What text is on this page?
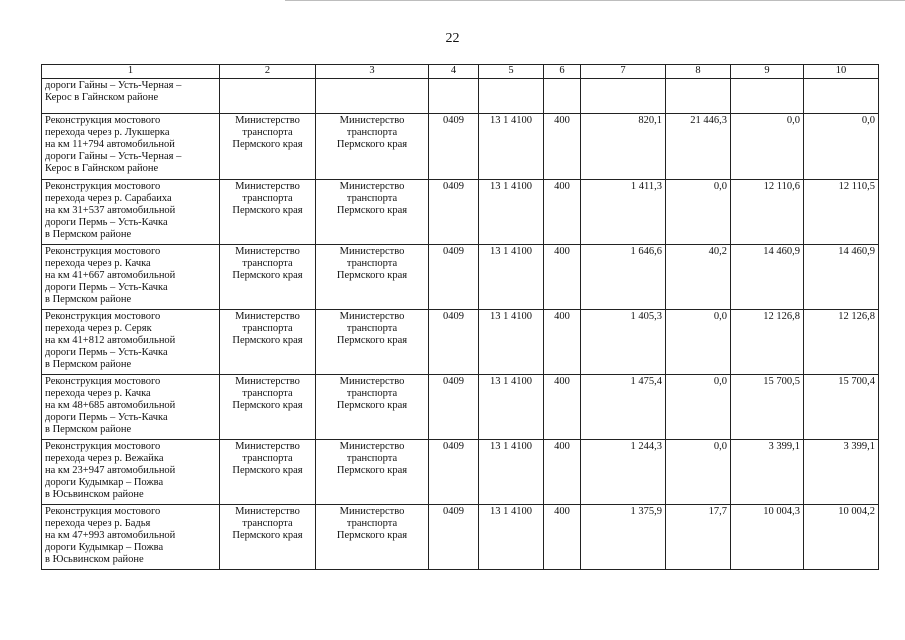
22
1	2	3	4	5	6	7	8	9	10

дороги Гайны – Усть-Черная –
Керос в Гайнском районе									

Реконструкция мостового
перехода через р. Лукшерка
на км 11+794 автомобильной
дороги Гайны – Усть-Черная –
Керос в Гайнском районе	Министерство
транспорта
Пермского края	Министерство
транспорта
Пермского края	0409	13 1 4100	400	820,1	21 446,3	0,0	0,0

Реконструкция мостового
перехода через р. Сарабаиха
на км 31+537 автомобильной
дороги Пермь – Усть-Качка
в Пермском районе	Министерство
транспорта
Пермского края	Министерство
транспорта
Пермского края	0409	13 1 4100	400	1 411,3	0,0	12 110,6	12 110,5

Реконструкция мостового
перехода через р. Качка
на км 41+667 автомобильной
дороги Пермь – Усть-Качка
в Пермском районе	Министерство
транспорта
Пермского края	Министерство
транспорта
Пермского края	0409	13 1 4100	400	1 646,6	40,2	14 460,9	14 460,9

Реконструкция мостового
перехода через р. Серяк
на км 41+812 автомобильной
дороги Пермь – Усть-Качка
в Пермском районе	Министерство
транспорта
Пермского края	Министерство
транспорта
Пермского края	0409	13 1 4100	400	1 405,3	0,0	12 126,8	12 126,8

Реконструкция мостового
перехода через р. Качка
на км 48+685 автомобильной
дороги Пермь – Усть-Качка
в Пермском районе	Министерство
транспорта
Пермского края	Министерство
транспорта
Пермского края	0409	13 1 4100	400	1 475,4	0,0	15 700,5	15 700,4

Реконструкция мостового
перехода через р. Вежайка
на км 23+947 автомобильной
дороги Кудымкар – Пожва
в Юсьвинском районе	Министерство
транспорта
Пермского края	Министерство
транспорта
Пермского края	0409	13 1 4100	400	1 244,3	0,0	3 399,1	3 399,1

Реконструкция мостового
перехода через р. Бадья
на км 47+993 автомобильной
дороги Кудымкар – Пожва
в Юсьвинском районе	Министерство
транспорта
Пермского края	Министерство
транспорта
Пермского края	0409	13 1 4100	400	1 375,9	17,7	10 004,3	10 004,2
